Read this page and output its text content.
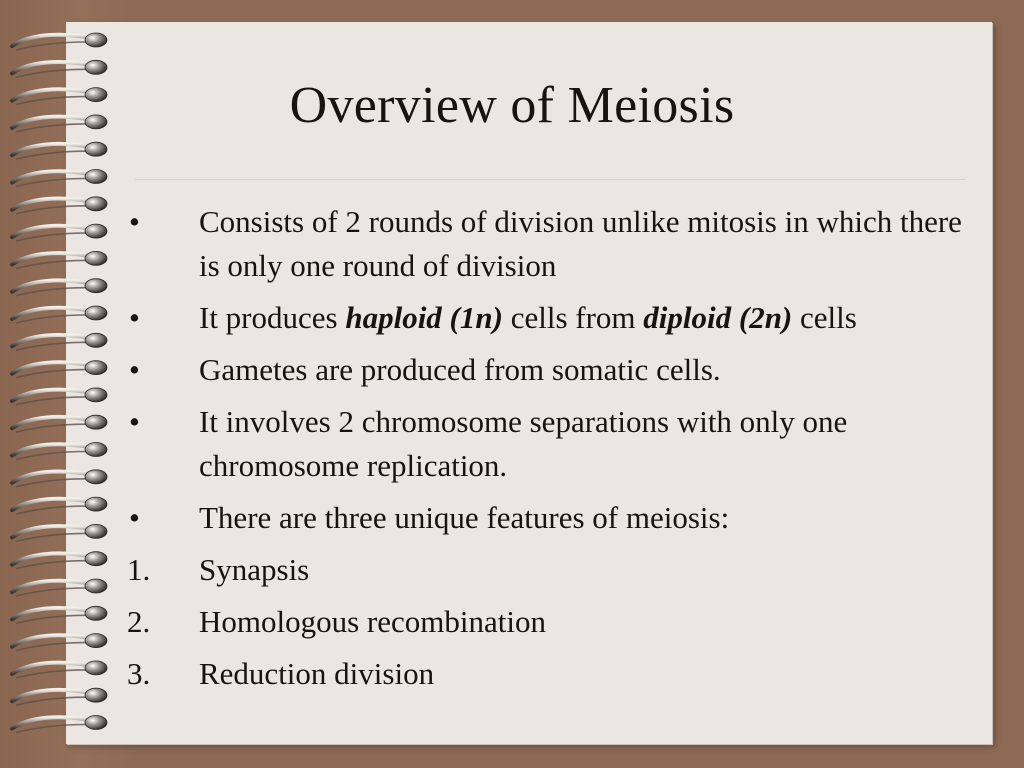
Overview of Meiosis
•	Consists of 2 rounds of division unlike mitosis in which there is only one round of division
•	It produces haploid (1n) cells from diploid (2n) cells
•	Gametes are produced from somatic cells.
•	It involves 2 chromosome separations with only one chromosome replication.
•	There are three unique features of meiosis:
1.	Synapsis
2.	Homologous recombination
3.	Reduction division
